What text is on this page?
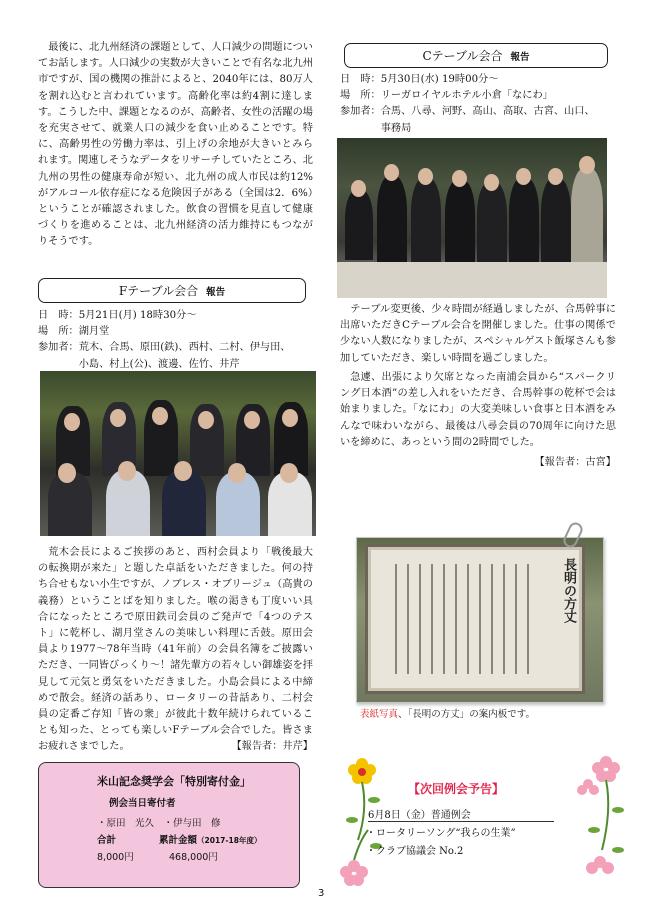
最後に、北九州経済の課題として、人口減少の問題についてお話します。人口減少の実数が大きいことで有名な北九州市ですが、国の機関の推計によると、2040年には、80万人を割れ込むと言われています。高齢化率は約4割に達します。こうした中、課題となるのが、高齢者、女性の活躍の場を充実させて、就業人口の減少を食い止めることです。特に、高齢男性の労働力率は、引上げの余地が大きいとみられます。関連しそうなデータをリサーチしていたところ、北九州の男性の健康寿命が短い、北九州の成人市民は約12%がアルコール依存症になる危険因子がある（全国は2．6%）ということが確認されました。飲食の習慣を見直して健康づくりを進めることは、北九州経済の活力維持にもつながりそうです。
Fテーブル会合 報告
日　時： 5月21日(月) 18時30分～
場　所： 湖月堂
参加者： 荒木、合馬、原田(鉄)、西村、二村、伊与田、
小島、村上(公)、渡邊、佐竹、井芹
荒木会長によるご挨拶のあと、西村会員より「戦後最大の転換期が来た」と題した卓話をいただきました。何の持ち合せもない小生ですが、ノブレス・オブリージュ（高貴の義務）ということばを知りました。喉の渇きも丁度いい具合になったところで原田鉄司会員のご発声で「4つのテスト」に乾杯し、湖月堂さんの美味しい料理に舌鼓。原田会員より1977～78年当時（41年前）の会員名簿をご披露いただき、一同皆びっくり～！諸先輩方の若々しい御雄姿を拝見して元気と勇気をいただきました。小島会員による中締めで散会。経済の話あり、ロータリーの昔話あり、二村会員の定番ご存知「皆の衆」が彼此十数年続けられていることも知った、とっても楽しいFテーブル会合でした。皆さまお疲れさまでした。	【報告者：井芹】
米山記念奨学会「特別寄付金」
例会当日寄付者
・原田　光久　・伊与田　修
合計	累計金額（2017-18年度）
8,000円	468,000円
Cテーブル会合 報告
日　時： 5月30日(水) 19時00分～
場　所： リーガロイヤルホテル小倉「なにわ」
参加者： 合馬、八尋、河野、高山、高取、古宮、山口、
事務局
テーブル変更後、少々時間が経過しましたが、合馬幹事に出席いただきCテーブル会合を開催しました。仕事の関係で少ない人数になりましたが、スペシャルゲスト飯塚さんも参加していただき、楽しい時間を過ごしました。
急遽、出張により欠席となった南浦会員から“スパークリング日本酒”の差し入れをいただき、合馬幹事の乾杯で会は始まりました。「なにわ」の大変美味しい食事と日本酒をみんなで味わいながら、最後は八尋会員の70周年に向けた思いを締めに、あっという間の2時間でした。
【報告者：古宮】
長明の方丈
表紙写真、「長明の方丈」の案内板です。
【次回例会予告】
6月8日（金）普通例会
・ロータリーソング“我らの生業”
・クラブ協議会 No.2
3
